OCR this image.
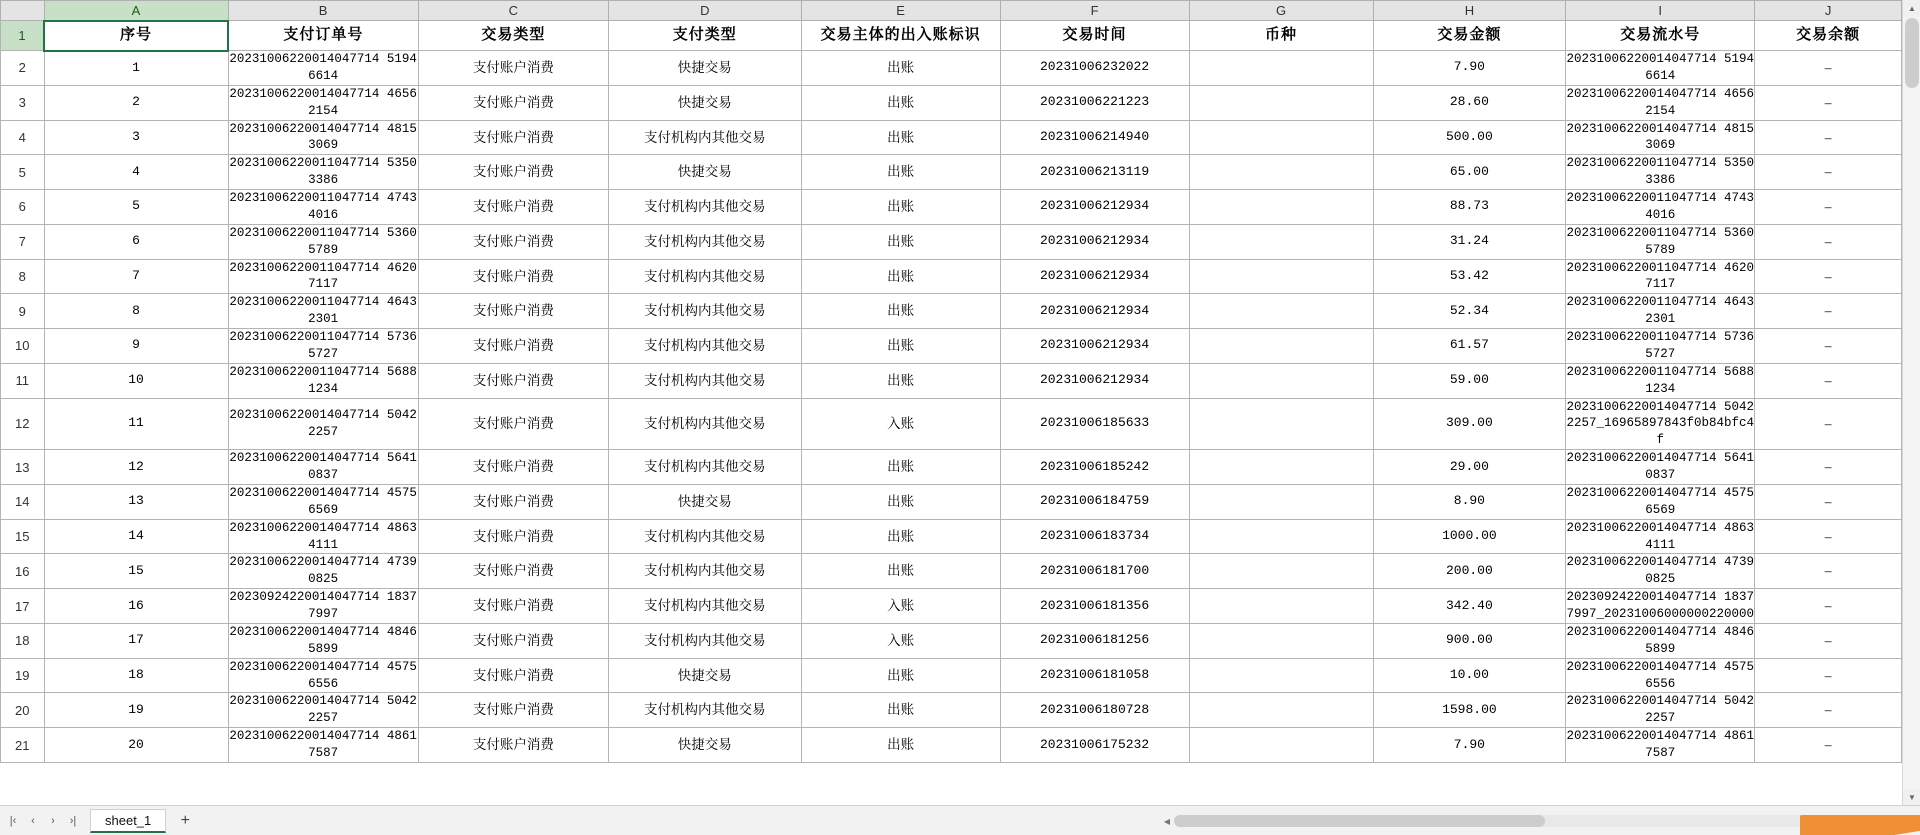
	A	B	C	D	E	F	G	H	I	J
1	序号	支付订单号	交易类型	支付类型	交易主体的出入账标识	交易时间	币种	交易金额	交易流水号	交易余额
2	1	20231006220014047714 51946614	支付账户消费	快捷交易	出账	20231006232022		7.90	20231006220014047714 51946614	–
3	2	20231006220014047714 46562154	支付账户消费	快捷交易	出账	20231006221223		28.60	20231006220014047714 46562154	–
4	3	20231006220014047714 48153069	支付账户消费	支付机构内其他交易	出账	20231006214940		500.00	20231006220014047714 48153069	–
5	4	20231006220011047714 53503386	支付账户消费	快捷交易	出账	20231006213119		65.00	20231006220011047714 53503386	–
6	5	20231006220011047714 47434016	支付账户消费	支付机构内其他交易	出账	20231006212934		88.73	20231006220011047714 47434016	–
7	6	20231006220011047714 53605789	支付账户消费	支付机构内其他交易	出账	20231006212934		31.24	20231006220011047714 53605789	–
8	7	20231006220011047714 46207117	支付账户消费	支付机构内其他交易	出账	20231006212934		53.42	20231006220011047714 46207117	–
9	8	20231006220011047714 46432301	支付账户消费	支付机构内其他交易	出账	20231006212934		52.34	20231006220011047714 46432301	–
10	9	20231006220011047714 57365727	支付账户消费	支付机构内其他交易	出账	20231006212934		61.57	20231006220011047714 57365727	–
11	10	20231006220011047714 56881234	支付账户消费	支付机构内其他交易	出账	20231006212934		59.00	20231006220011047714 56881234	–
12	11	20231006220014047714 50422257	支付账户消费	支付机构内其他交易	入账	20231006185633		309.00	20231006220014047714 50422257_16965897843f0b84bfc4f	–
13	12	20231006220014047714 56410837	支付账户消费	支付机构内其他交易	出账	20231006185242		29.00	20231006220014047714 56410837	–
14	13	20231006220014047714 45756569	支付账户消费	快捷交易	出账	20231006184759		8.90	20231006220014047714 45756569	–
15	14	20231006220014047714 48634111	支付账户消费	支付机构内其他交易	出账	20231006183734		1000.00	20231006220014047714 48634111	–
16	15	20231006220014047714 47390825	支付账户消费	支付机构内其他交易	出账	20231006181700		200.00	20231006220014047714 47390825	–
17	16	20230924220014047714 18377997	支付账户消费	支付机构内其他交易	入账	20231006181356		342.40	20230924220014047714 18377997_20231006000000220000	–
18	17	20231006220014047714 48465899	支付账户消费	支付机构内其他交易	入账	20231006181256		900.00	20231006220014047714 48465899	–
19	18	20231006220014047714 45756556	支付账户消费	快捷交易	出账	20231006181058		10.00	20231006220014047714 45756556	–
20	19	20231006220014047714 50422257	支付账户消费	支付机构内其他交易	出账	20231006180728		1598.00	20231006220014047714 50422257	–
21	20	20231006220014047714 48617587	支付账户消费	快捷交易	出账	20231006175232		7.90	20231006220014047714 48617587	–
▲
▼
|‹	‹	›	›|	sheet_1	+	◀
